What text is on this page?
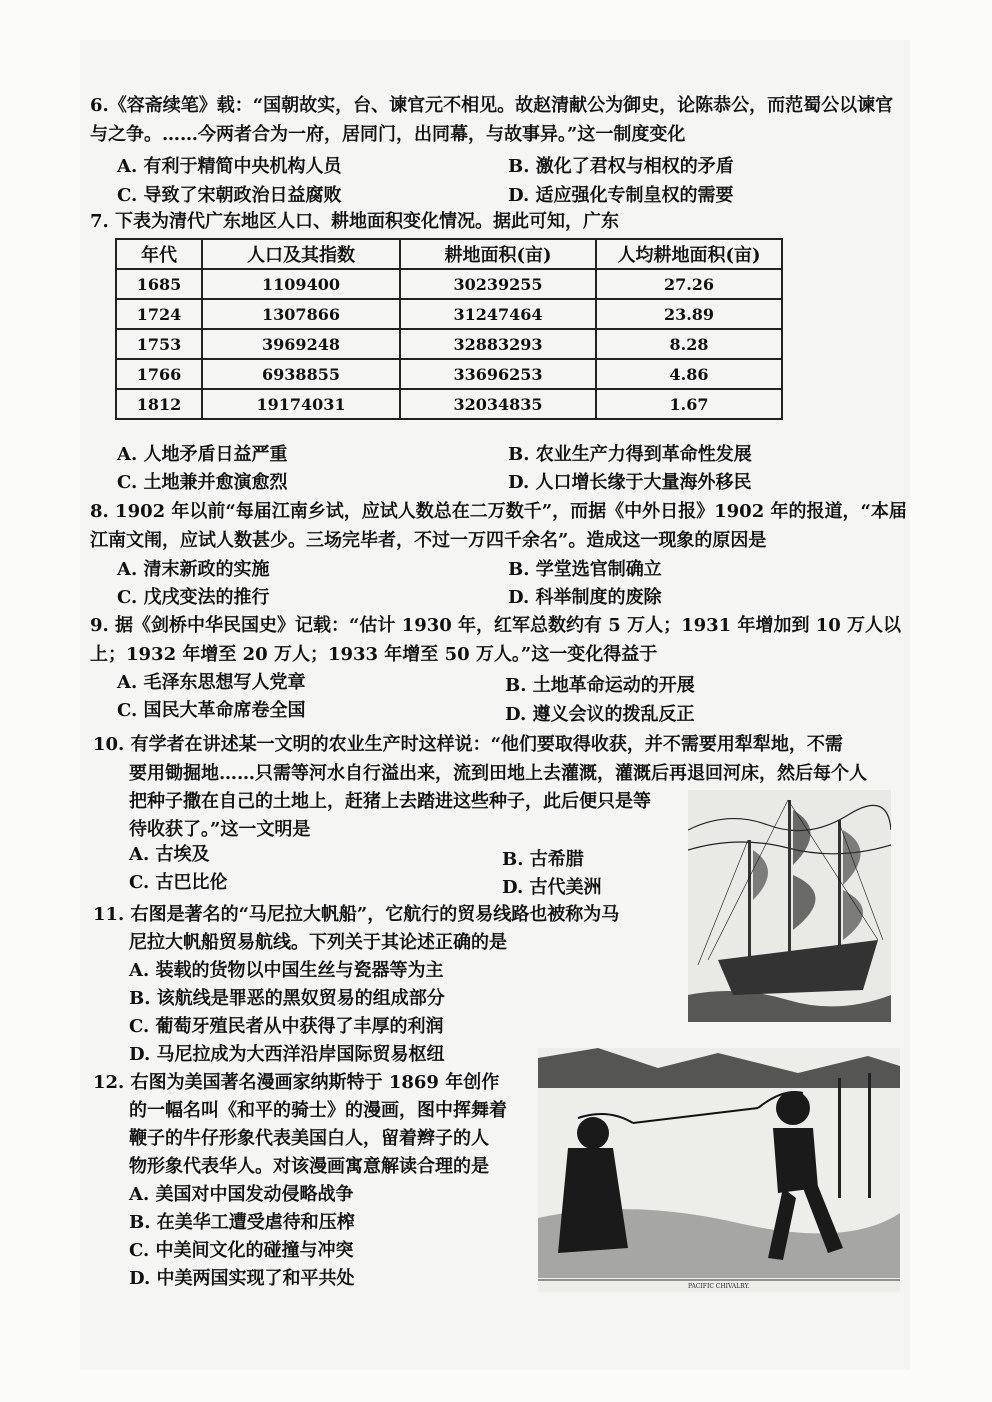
6.《容斋续笔》载：“国朝故实，台、谏官元不相见。故赵清献公为御史，论陈恭公，而范蜀公以谏官与之争。……今两者合为一府，居同门，出同幕，与故事异。”这一制度变化

A. 有利于精简中央机构人员	B. 激化了君权与相权的矛盾
C. 导致了宋朝政治日益腐败	D. 适应强化专制皇权的需要

7. 下表为清代广东地区人口、耕地面积变化情况。据此可知，广东

年代	人口及其指数	耕地面积(亩)	人均耕地面积(亩)
1685	1109400	30239255	27.26
1724	1307866	31247464	23.89
1753	3969248	32883293	8.28
1766	6938855	33696253	4.86
1812	19174031	32034835	1.67
A. 人地矛盾日益严重	B. 农业生产力得到革命性发展
C. 土地兼并愈演愈烈	D. 人口增长缘于大量海外移民

8. 1902 年以前“每届江南乡试，应试人数总在二万数千”，而据《中外日报》1902 年的报道，“本届江南文闱，应试人数甚少。三场完毕者，不过一万四千余名”。造成这一现象的原因是

A. 清末新政的实施	B. 学堂选官制确立
C. 戊戌变法的推行	D. 科举制度的废除

9. 据《剑桥中华民国史》记载：“估计 1930 年，红军总数约有 5 万人；1931 年增加到 10 万人以上；1932 年增至 20 万人；1933 年增至 50 万人。”这一变化得益于

A. 毛泽东思想写人党章	B. 土地革命运动的开展
C. 国民大革命席卷全国	D. 遵义会议的拨乱反正
10. 有学者在讲述某一文明的农业生产时这样说：“他们要取得收获，并不需要用犁犁地，不需
要用锄掘地……只需等河水自行溢出来，流到田地上去灌溉，灌溉后再退回河床，然后每个人
把种子撒在自己的土地上，赶猪上去踏进这些种子，此后便只是等
待收获了。”这一文明是
A. 古埃及	B. 古希腊
C. 古巴比伦	D. 古代美洲
11. 右图是著名的“马尼拉大帆船”，它航行的贸易线路也被称为马
尼拉大帆船贸易航线。下列关于其论述正确的是
A. 装载的货物以中国生丝与瓷器等为主
B. 该航线是罪恶的黑奴贸易的组成部分
C. 葡萄牙殖民者从中获得了丰厚的利润
D. 马尼拉成为大西洋沿岸国际贸易枢纽
12. 右图为美国著名漫画家纳斯特于 1869 年创作
的一幅名叫《和平的骑士》的漫画，图中挥舞着
鞭子的牛仔形象代表美国白人，留着辫子的人
物形象代表华人。对该漫画寓意解读合理的是
A. 美国对中国发动侵略战争
B. 在美华工遭受虐待和压榨
C. 中美间文化的碰撞与冲突
D. 中美两国实现了和平共处	PACIFIC CHIVALRY.
